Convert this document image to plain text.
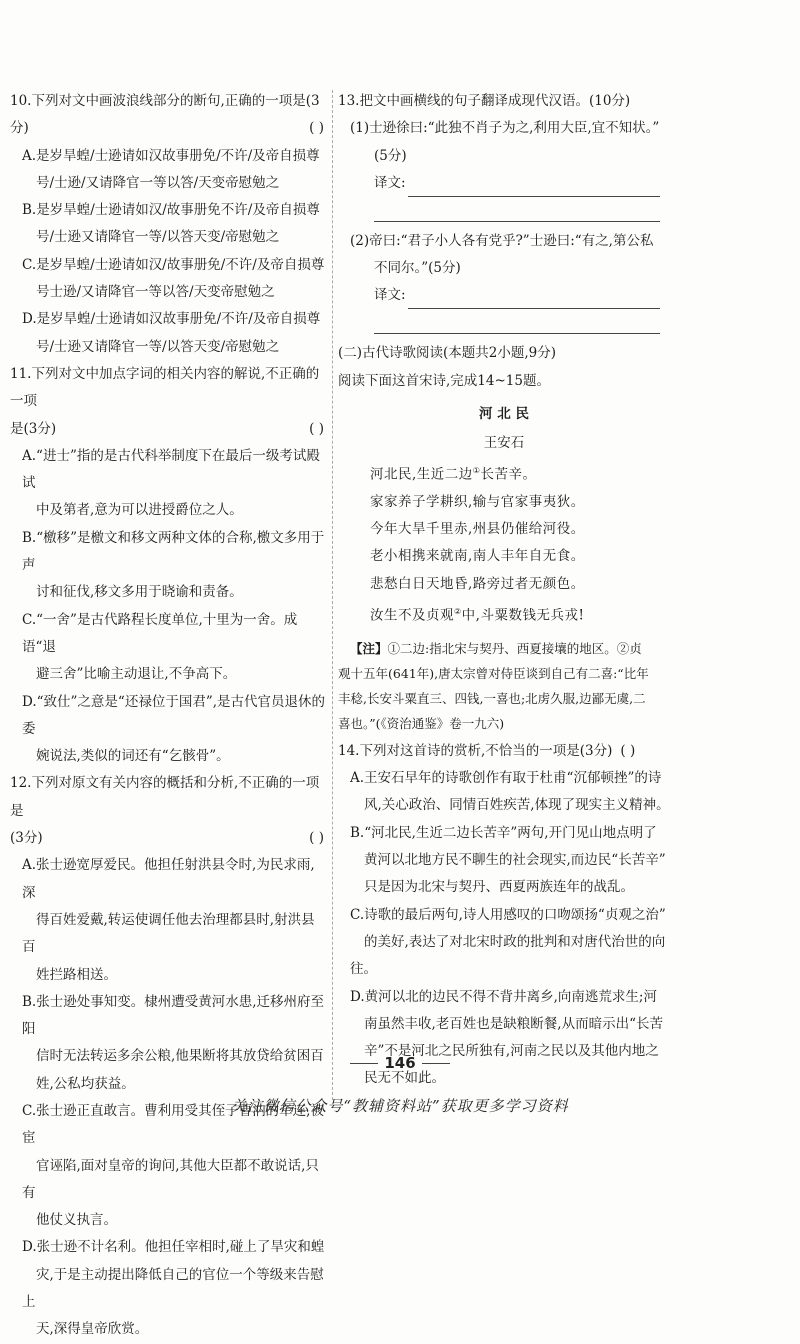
10.下列对文中画波浪线部分的断句,正确的一项是(3分)	( )

A.是岁旱蝗/士逊请如汉故事册免/不许/及帝自损尊
号/士逊/又请降官一等以答/天变帝慰勉之

B.是岁旱蝗/士逊请如汉/故事册免不许/及帝自损尊
号/士逊又请降官一等/以答天变/帝慰勉之

C.是岁旱蝗/士逊请如汉/故事册免/不许/及帝自损尊
号士逊/又请降官一等以答/天变帝慰勉之

D.是岁旱蝗/士逊请如汉故事册免/不许/及帝自损尊
号/士逊又请降官一等/以答天变/帝慰勉之

11.下列对文中加点字词的相关内容的解说,不正确的一项
是(3分)	( )

A.“进士”指的是古代科举制度下在最后一级考试殿试
中及第者,意为可以进授爵位之人。

B.“檄移”是檄文和移文两种文体的合称,檄文多用于声
讨和征伐,移文多用于晓谕和责备。

C.“一舍”是古代路程长度单位,十里为一舍。成语“退
避三舍”比喻主动退让,不争高下。

D.“致仕”之意是“还禄位于国君”,是古代官员退休的委
婉说法,类似的词还有“乞骸骨”。

12.下列对原文有关内容的概括和分析,不正确的一项是
(3分)	( )

A.张士逊宽厚爱民。他担任射洪县令时,为民求雨,深
得百姓爱戴,转运使调任他去治理都县时,射洪县百
姓拦路相送。

B.张士逊处事知变。棣州遭受黄河水患,迁移州府至阳
信时无法转运多余公粮,他果断将其放贷给贫困百
姓,公私均获益。

C.张士逊正直敢言。曹利用受其侄子曹汭的牵连,被宦
官诬陷,面对皇帝的询问,其他大臣都不敢说话,只有
他仗义执言。

D.张士逊不计名利。他担任宰相时,碰上了旱灾和蝗
灾,于是主动提出降低自己的官位一个等级来告慰上
天,深得皇帝欣赏。

13.把文中画横线的句子翻译成现代汉语。(10分)

(1)士逊徐曰:“此独不肖子为之,利用大臣,宜不知状。”

(5分)

译文:

(2)帝曰:“君子小人各有党乎?”士逊曰:“有之,第公私

不同尔。”(5分)

译文:

(二)古代诗歌阅读(本题共2小题,9分)

阅读下面这首宋诗,完成14~15题。

河 北 民
王安石
河北民,生近二边①长苦辛。
家家养子学耕织,输与官家事夷狄。
今年大旱千里赤,州县仍催给河役。
老小相携来就南,南人丰年自无食。
悲愁白日天地昏,路旁过者无颜色。
汝生不及贞观②中,斗粟数钱无兵戎!
【注】①二边:指北宋与契丹、西夏接壤的地区。②贞
观十五年(641年),唐太宗曾对侍臣谈到自己有二喜:“比年
丰稔,长安斗粟直三、四钱,一喜也;北虏久服,边鄙无虞,二
喜也。”(《资治通鉴》卷一九六)

14.下列对这首诗的赏析,不恰当的一项是(3分) ( )

A.王安石早年的诗歌创作有取于杜甫“沉郁顿挫”的诗
风,关心政治、同情百姓疾苦,体现了现实主义精神。

B.“河北民,生近二边长苦辛”两句,开门见山地点明了
黄河以北地方民不聊生的社会现实,而边民“长苦辛”
只是因为北宋与契丹、西夏两族连年的战乱。

C.诗歌的最后两句,诗人用感叹的口吻颂扬“贞观之治”
的美好,表达了对北宋时政的批判和对唐代治世的向往。

D.黄河以北的边民不得不背井离乡,向南逃荒求生;河
南虽然丰收,老百姓也是缺粮断餐,从而暗示出“长苦
辛”不是河北之民所独有,河南之民以及其他内地之
民无不如此。

146
关注微信公众号“教辅资料站”获取更多学习资料
